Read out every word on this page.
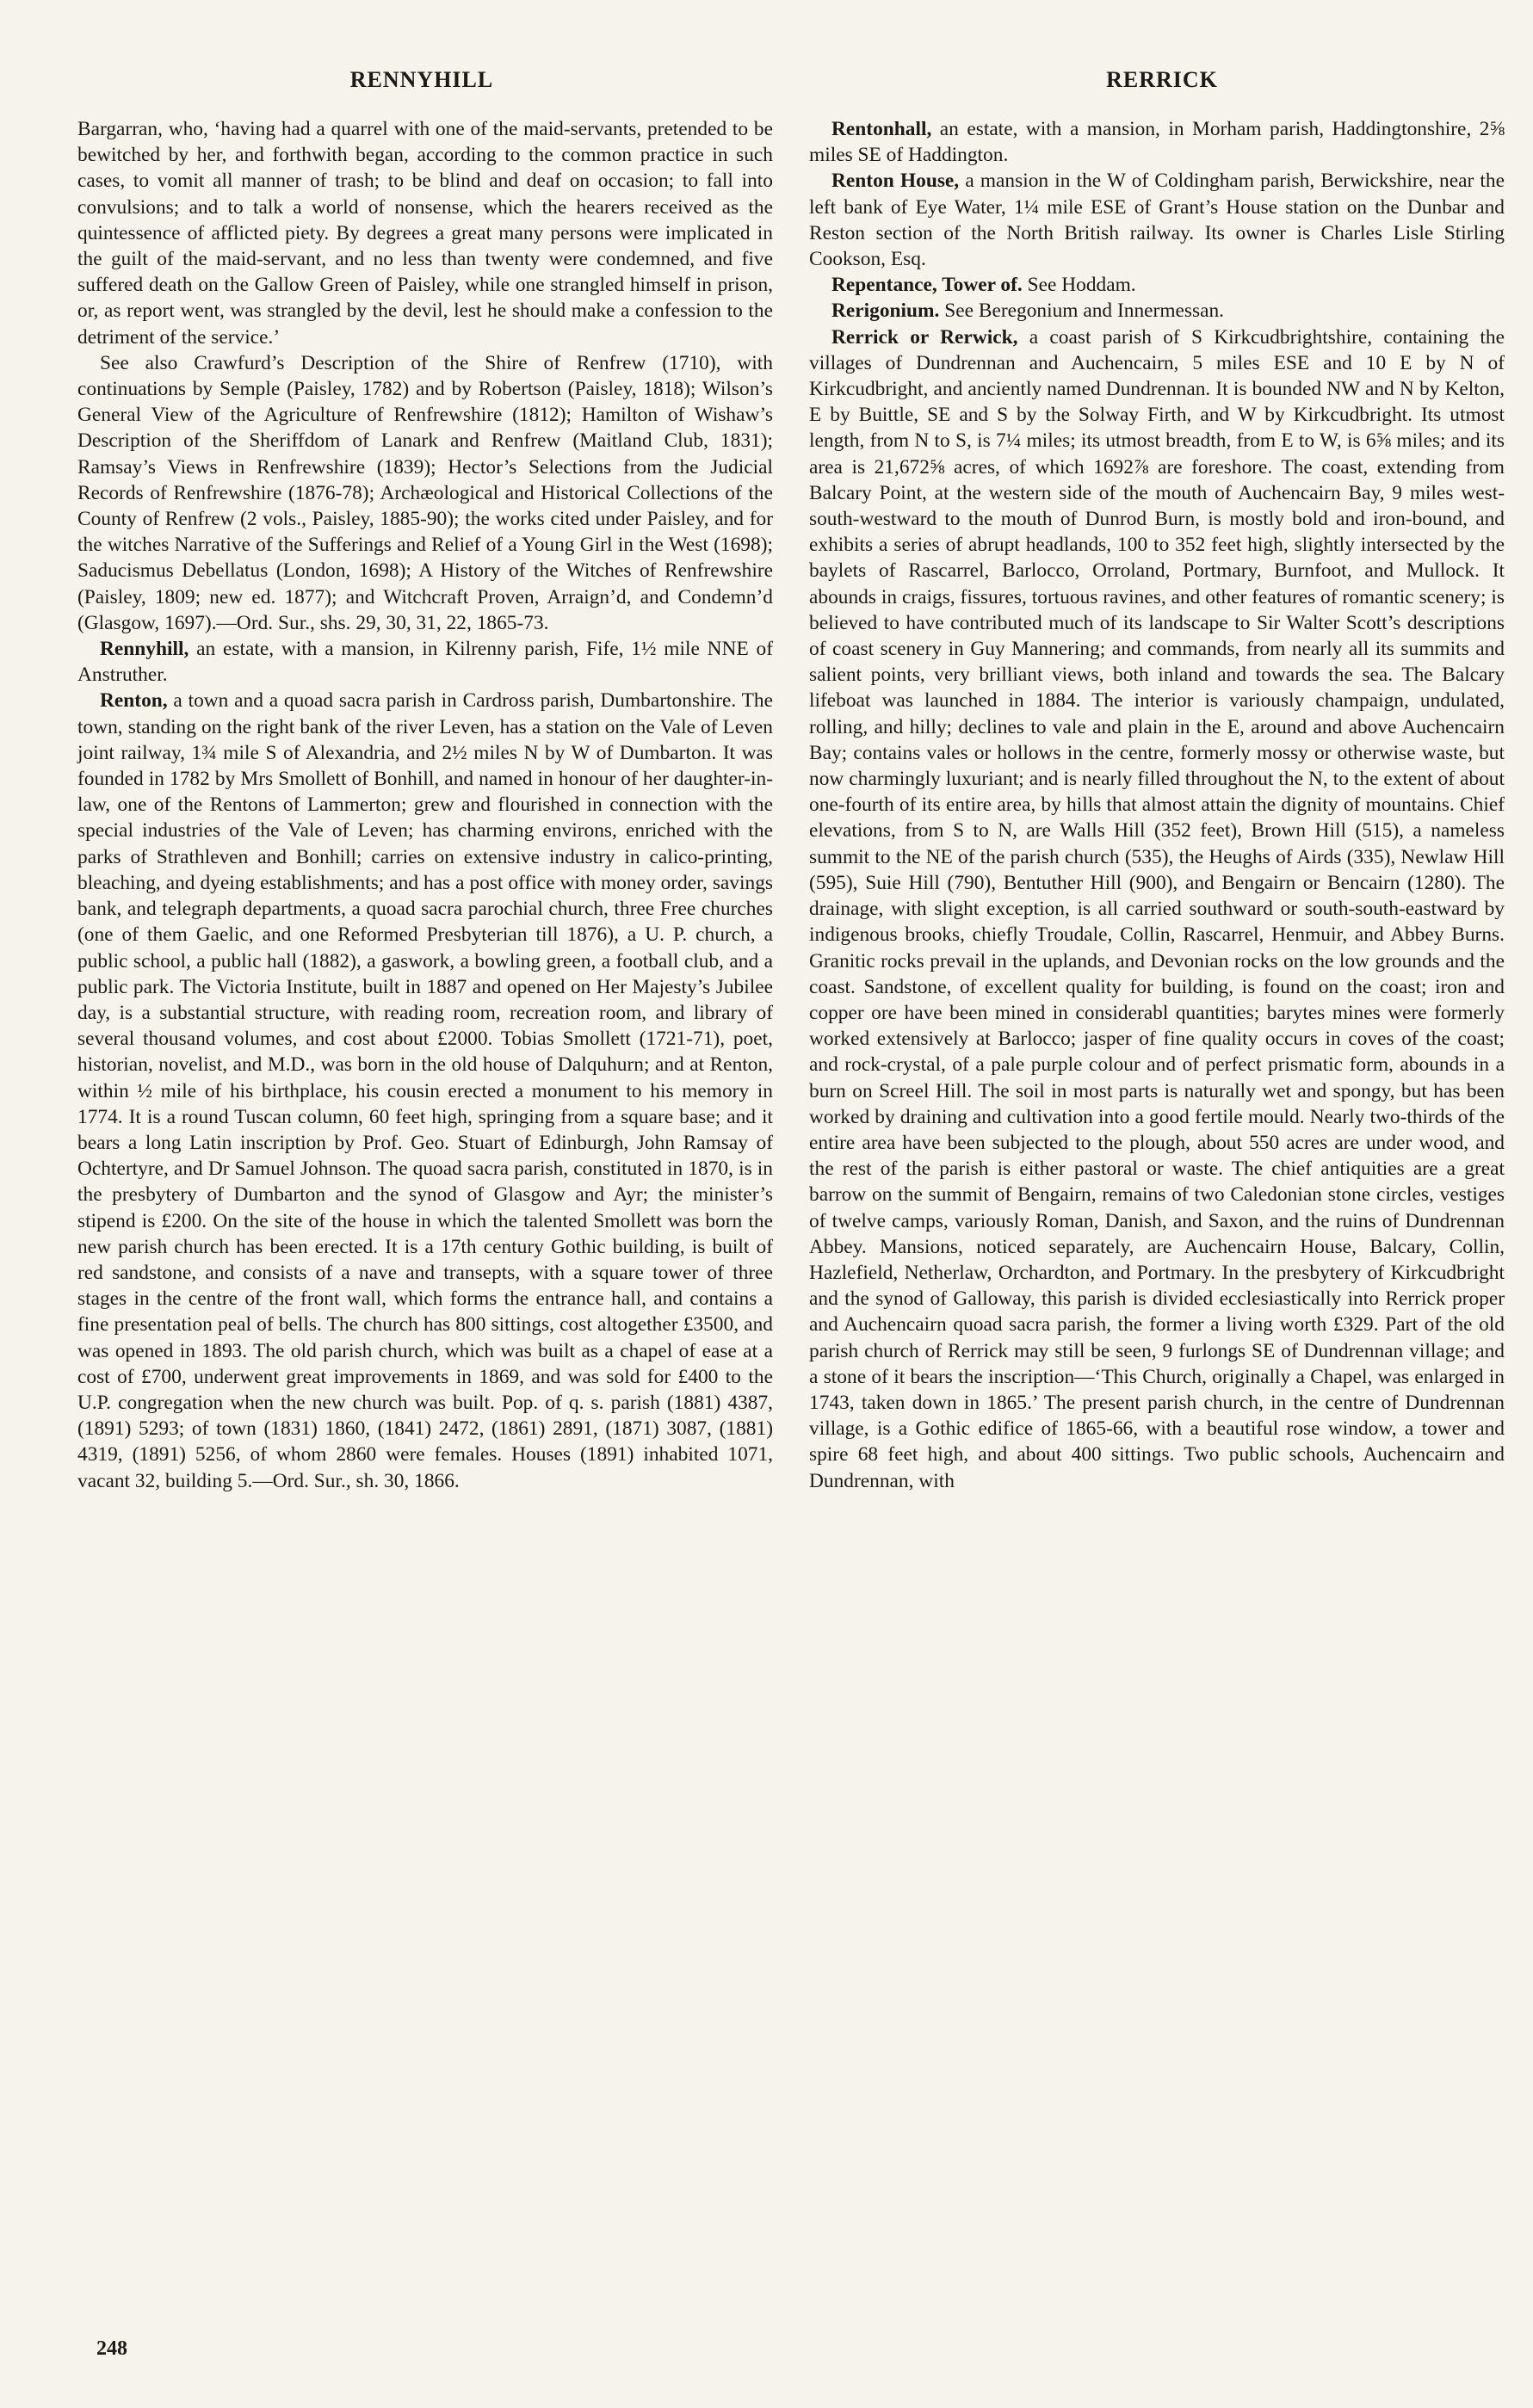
RENNYHILL	RERRICK

Bargarran, who, ‘having had a quarrel with one of the maid-servants, pretended to be bewitched by her, and forthwith began, according to the common practice in such cases, to vomit all manner of trash; to be blind and deaf on occasion; to fall into convulsions; and to talk a world of nonsense, which the hearers received as the quintessence of afflicted piety. By degrees a great many persons were implicated in the guilt of the maid-servant, and no less than twenty were condemned, and five suffered death on the Gallow Green of Paisley, while one strangled himself in prison, or, as report went, was strangled by the devil, lest he should make a confession to the detriment of the service.’

See also Crawfurd’s Description of the Shire of Renfrew (1710), with continuations by Semple (Paisley, 1782) and by Robertson (Paisley, 1818); Wilson’s General View of the Agriculture of Renfrewshire (1812); Hamilton of Wishaw’s Description of the Sheriffdom of Lanark and Renfrew (Maitland Club, 1831); Ramsay’s Views in Renfrewshire (1839); Hector’s Selections from the Judicial Records of Renfrewshire (1876-78); Archæological and Historical Collections of the County of Renfrew (2 vols., Paisley, 1885-90); the works cited under Paisley, and for the witches Narrative of the Sufferings and Relief of a Young Girl in the West (1698); Saducismus Debellatus (London, 1698); A History of the Witches of Renfrewshire (Paisley, 1809; new ed. 1877); and Witchcraft Proven, Arraign’d, and Condemn’d (Glasgow, 1697).—Ord. Sur., shs. 29, 30, 31, 22, 1865-73.

Rennyhill, an estate, with a mansion, in Kilrenny parish, Fife, 1½ mile NNE of Anstruther.

Renton, a town and a quoad sacra parish in Cardross parish, Dumbartonshire. The town, standing on the right bank of the river Leven, has a station on the Vale of Leven joint railway, 1¾ mile S of Alexandria, and 2½ miles N by W of Dumbarton. It was founded in 1782 by Mrs Smollett of Bonhill, and named in honour of her daughter-in-law, one of the Rentons of Lammerton; grew and flourished in connection with the special industries of the Vale of Leven; has charming environs, enriched with the parks of Strathleven and Bonhill; carries on extensive industry in calico-printing, bleaching, and dyeing establishments; and has a post office with money order, savings bank, and telegraph departments, a quoad sacra parochial church, three Free churches (one of them Gaelic, and one Reformed Presbyterian till 1876), a U. P. church, a public school, a public hall (1882), a gaswork, a bowling green, a football club, and a public park. The Victoria Institute, built in 1887 and opened on Her Majesty’s Jubilee day, is a substantial structure, with reading room, recreation room, and library of several thousand volumes, and cost about £2000. Tobias Smollett (1721-71), poet, historian, novelist, and M.D., was born in the old house of Dalquhurn; and at Renton, within ½ mile of his birthplace, his cousin erected a monument to his memory in 1774. It is a round Tuscan column, 60 feet high, springing from a square base; and it bears a long Latin inscription by Prof. Geo. Stuart of Edinburgh, John Ramsay of Ochtertyre, and Dr Samuel Johnson. The quoad sacra parish, constituted in 1870, is in the presbytery of Dumbarton and the synod of Glasgow and Ayr; the minister’s stipend is £200. On the site of the house in which the talented Smollett was born the new parish church has been erected. It is a 17th century Gothic building, is built of red sandstone, and consists of a nave and transepts, with a square tower of three stages in the centre of the front wall, which forms the entrance hall, and contains a fine presentation peal of bells. The church has 800 sittings, cost altogether £3500, and was opened in 1893. The old parish church, which was built as a chapel of ease at a cost of £700, underwent great improvements in 1869, and was sold for £400 to the U.P. congregation when the new church was built. Pop. of q. s. parish (1881) 4387, (1891) 5293; of town (1831) 1860, (1841) 2472, (1861) 2891, (1871) 3087, (1881) 4319, (1891) 5256, of whom 2860 were females. Houses (1891) inhabited 1071, vacant 32, building 5.—Ord. Sur., sh. 30, 1866.

Rentonhall, an estate, with a mansion, in Morham parish, Haddingtonshire, 2⅝ miles SE of Haddington.

Renton House, a mansion in the W of Coldingham parish, Berwickshire, near the left bank of Eye Water, 1¼ mile ESE of Grant’s House station on the Dunbar and Reston section of the North British railway. Its owner is Charles Lisle Stirling Cookson, Esq.

Repentance, Tower of. See Hoddam.

Rerigonium. See Beregonium and Innermessan.

Rerrick or Rerwick, a coast parish of S Kirkcudbrightshire, containing the villages of Dundrennan and Auchencairn, 5 miles ESE and 10 E by N of Kirkcudbright, and anciently named Dundrennan. It is bounded NW and N by Kelton, E by Buittle, SE and S by the Solway Firth, and W by Kirkcudbright. Its utmost length, from N to S, is 7¼ miles; its utmost breadth, from E to W, is 6⅝ miles; and its area is 21,672⅝ acres, of which 1692⅞ are foreshore. The coast, extending from Balcary Point, at the western side of the mouth of Auchencairn Bay, 9 miles west-south-westward to the mouth of Dunrod Burn, is mostly bold and iron-bound, and exhibits a series of abrupt headlands, 100 to 352 feet high, slightly intersected by the baylets of Rascarrel, Barlocco, Orroland, Portmary, Burnfoot, and Mullock. It abounds in craigs, fissures, tortuous ravines, and other features of romantic scenery; is believed to have contributed much of its landscape to Sir Walter Scott’s descriptions of coast scenery in Guy Mannering; and commands, from nearly all its summits and salient points, very brilliant views, both inland and towards the sea. The Balcary lifeboat was launched in 1884. The interior is variously champaign, undulated, rolling, and hilly; declines to vale and plain in the E, around and above Auchencairn Bay; contains vales or hollows in the centre, formerly mossy or otherwise waste, but now charmingly luxuriant; and is nearly filled throughout the N, to the extent of about one-fourth of its entire area, by hills that almost attain the dignity of mountains. Chief elevations, from S to N, are Walls Hill (352 feet), Brown Hill (515), a nameless summit to the NE of the parish church (535), the Heughs of Airds (335), Newlaw Hill (595), Suie Hill (790), Bentuther Hill (900), and Bengairn or Bencairn (1280). The drainage, with slight exception, is all carried southward or south-south-eastward by indigenous brooks, chiefly Troudale, Collin, Rascarrel, Henmuir, and Abbey Burns. Granitic rocks prevail in the uplands, and Devonian rocks on the low grounds and the coast. Sandstone, of excellent quality for building, is found on the coast; iron and copper ore have been mined in considerabl quantities; barytes mines were formerly worked extensively at Barlocco; jasper of fine quality occurs in coves of the coast; and rock-crystal, of a pale purple colour and of perfect prismatic form, abounds in a burn on Screel Hill. The soil in most parts is naturally wet and spongy, but has been worked by draining and cultivation into a good fertile mould. Nearly two-thirds of the entire area have been subjected to the plough, about 550 acres are under wood, and the rest of the parish is either pastoral or waste. The chief antiquities are a great barrow on the summit of Bengairn, remains of two Caledonian stone circles, vestiges of twelve camps, variously Roman, Danish, and Saxon, and the ruins of Dundrennan Abbey. Mansions, noticed separately, are Auchencairn House, Balcary, Collin, Hazlefield, Netherlaw, Orchardton, and Portmary. In the presbytery of Kirkcudbright and the synod of Galloway, this parish is divided ecclesiastically into Rerrick proper and Auchencairn quoad sacra parish, the former a living worth £329. Part of the old parish church of Rerrick may still be seen, 9 furlongs SE of Dundrennan village; and a stone of it bears the inscription—‘This Church, originally a Chapel, was enlarged in 1743, taken down in 1865.’ The present parish church, in the centre of Dundrennan village, is a Gothic edifice of 1865-66, with a beautiful rose window, a tower and spire 68 feet high, and about 400 sittings. Two public schools, Auchencairn and Dundrennan, with

248
